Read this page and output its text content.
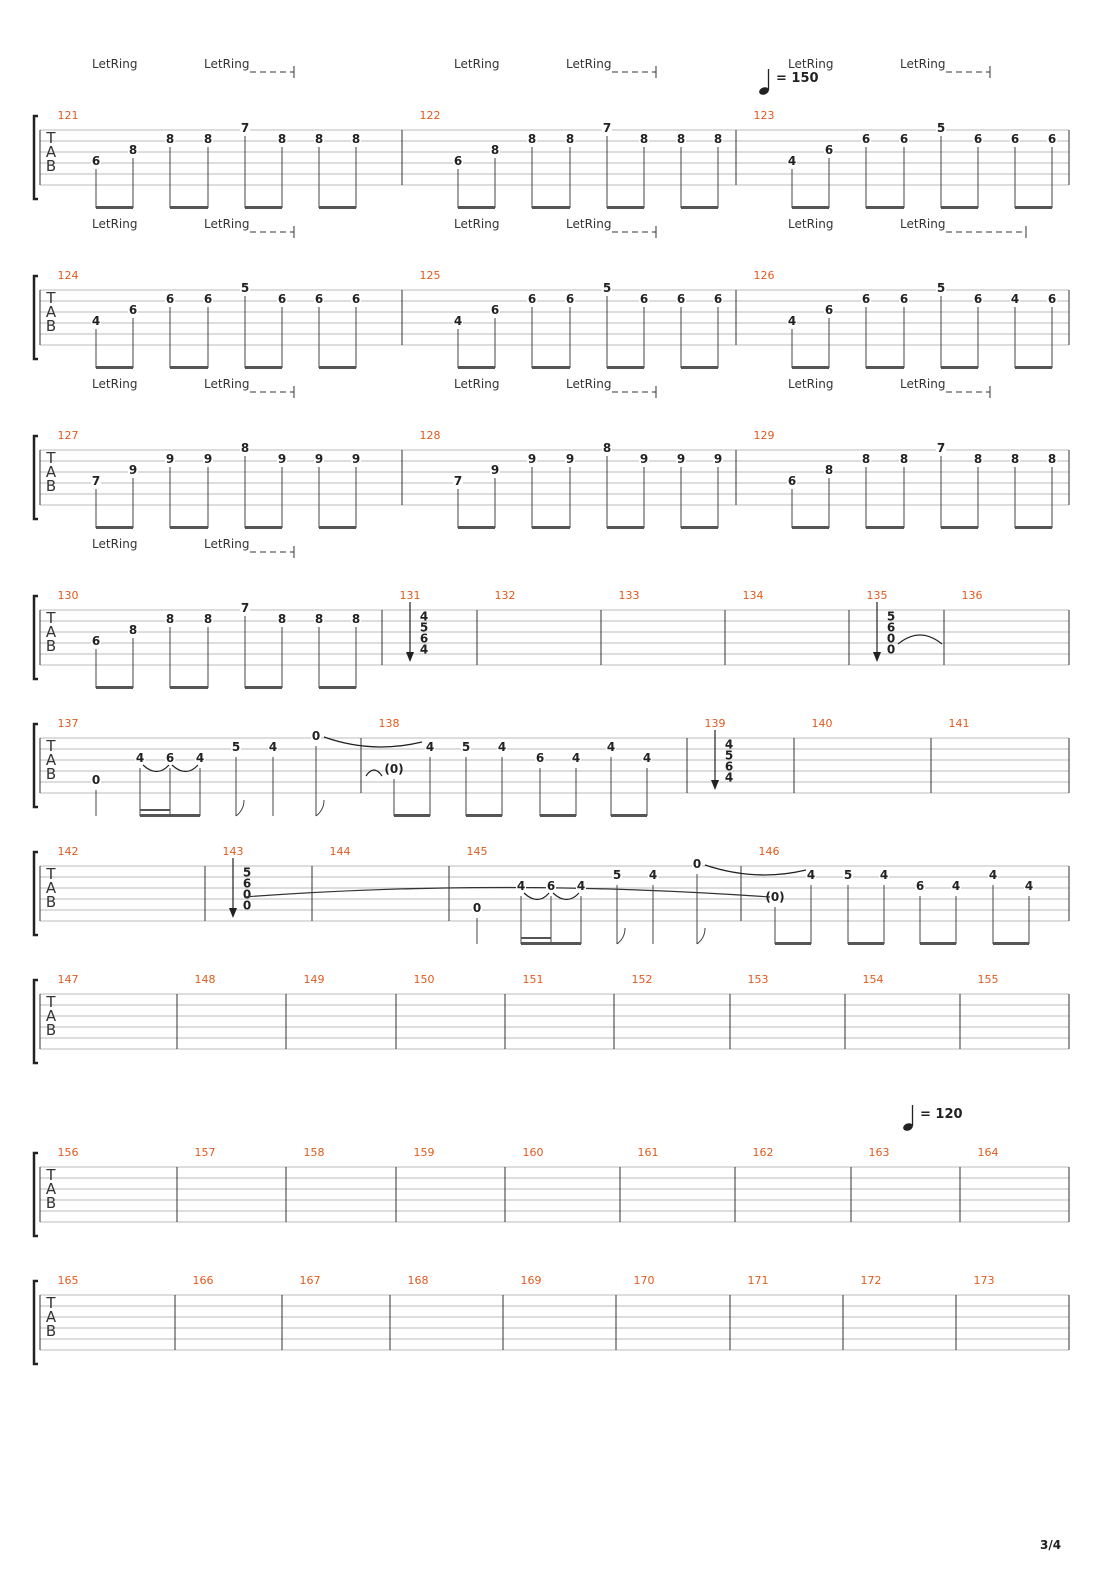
T
A
B
121
6
8
8 8
7
8 8 8
122
6
8
8 8
7
8 8 8
123
4
6
6 6
5
6 6 6
LetRing	LetRing	LetRing	LetRing	LetRing	LetRing
T
A
B
124
4
6
6 6
5
6 6 6
125
4
6
6 6
5
6 6 6
126
4
6
6 6
5
6 4 6
LetRing	LetRing	LetRing	LetRing	LetRing	LetRing
T
A
B
127
7
9
9 9
8
9 9 9
128
7
9
9 9
8
9 9 9
129
6
8
8 8
7
8 8 8
LetRing	LetRing	LetRing	LetRing	LetRing	LetRing
T
A
B
130
6
8
8 8
7
8 8 8
131
4
5
6
4
132	133	134	135
5
6
0
0
136
LetRing	LetRing
T
A
B
137	138	139
4
5
6
4
140	141
T
A
B
142	143
5
6
0
0
144	145	146
T
A
B
147	148	149	150	151	152	153	154	155
T
A
B
156	157	158	159	160	161	162	163	164
T
A
B
165	166	167	168	169	170	171	172	173
= 150
= 120
0
4 6 4
5 4
0
(0)
4 5 4
6 4
4
4
0
4 6 4
5 4
0
(0)
4 5 4
6 4
4
4
3/4
